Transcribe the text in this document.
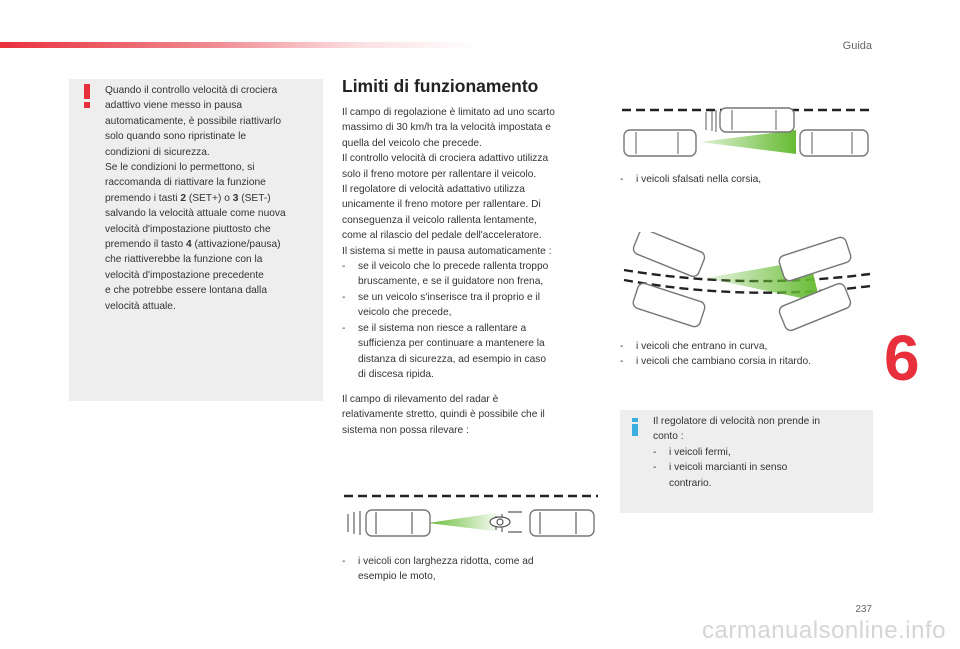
Guida
Quando il controllo velocità di crociera
adattivo viene messo in pausa
automaticamente, è possibile riattivarlo
solo quando sono ripristinate le
condizioni di sicurezza.
Se le condizioni lo permettono, si
raccomanda di riattivare la funzione
premendo i tasti 2 (SET+) o 3 (SET-)
salvando la velocità attuale come nuova
velocità d'impostazione piuttosto che
premendo il tasto 4 (attivazione/pausa)
che riattiverebbe la funzione con la
velocità d'impostazione precedente
e che potrebbe essere lontana dalla
velocità attuale.
Limiti di funzionamento

Il campo di regolazione è limitato ad uno scarto

massimo di 30 km/h tra la velocità impostata e

quella del veicolo che precede.

Il controllo velocità di crociera adattivo utilizza

solo il freno motore per rallentare il veicolo.

Il regolatore di velocità adattativo utilizza

unicamente il freno motore per rallentare. Di

conseguenza il veicolo rallenta lentamente,

come al rilascio del pedale dell'acceleratore.

Il sistema si mette in pausa automaticamente :

- se il veicolo che lo precede rallenta troppo
bruscamente, e se il guidatore non frena,
- se un veicolo s'inserisce tra il proprio e il
veicolo che precede,
- se il sistema non riesce a rallentare a
sufficienza per continuare a mantenere la
distanza di sicurezza, ad esempio in caso
di discesa ripida.
Il campo di rilevamento del radar è
relativamente stretto, quindi è possibile che il
sistema non possa rilevare :
- i veicoli con larghezza ridotta, come ad
esempio le moto,
- i veicoli sfalsati nella corsia,
- i veicoli che entrano in curva,
- i veicoli che cambiano corsia in ritardo.
Il regolatore di velocità non prende in
conto :
- i veicoli fermi,
- i veicoli marcianti in senso
contrario.
6
237
carmanualsonline.info
